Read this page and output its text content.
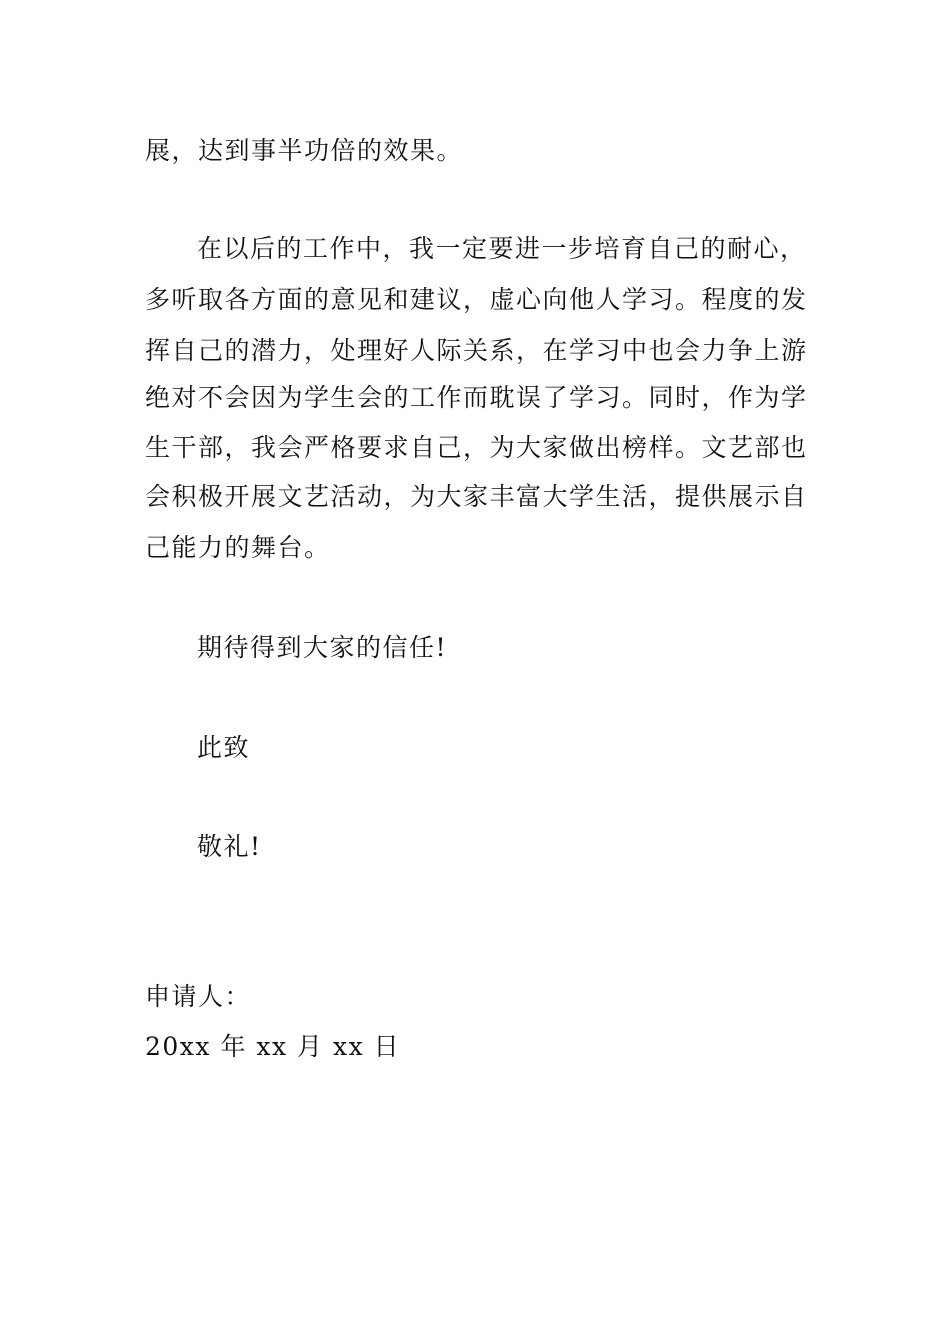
展，达到事半功倍的效果。
在以后的工作中，我一定要进一步培育自己的耐心，
多听取各方面的意见和建议，虚心向他人学习。程度的发
挥自己的潜力，处理好人际关系，在学习中也会力争上游
绝对不会因为学生会的工作而耽误了学习。同时，作为学
生干部，我会严格要求自己，为大家做出榜样。文艺部也
会积极开展文艺活动，为大家丰富大学生活，提供展示自
己能力的舞台。
期待得到大家的信任!
此致
敬礼!
申请人：
20xx 年 xx 月 xx 日
